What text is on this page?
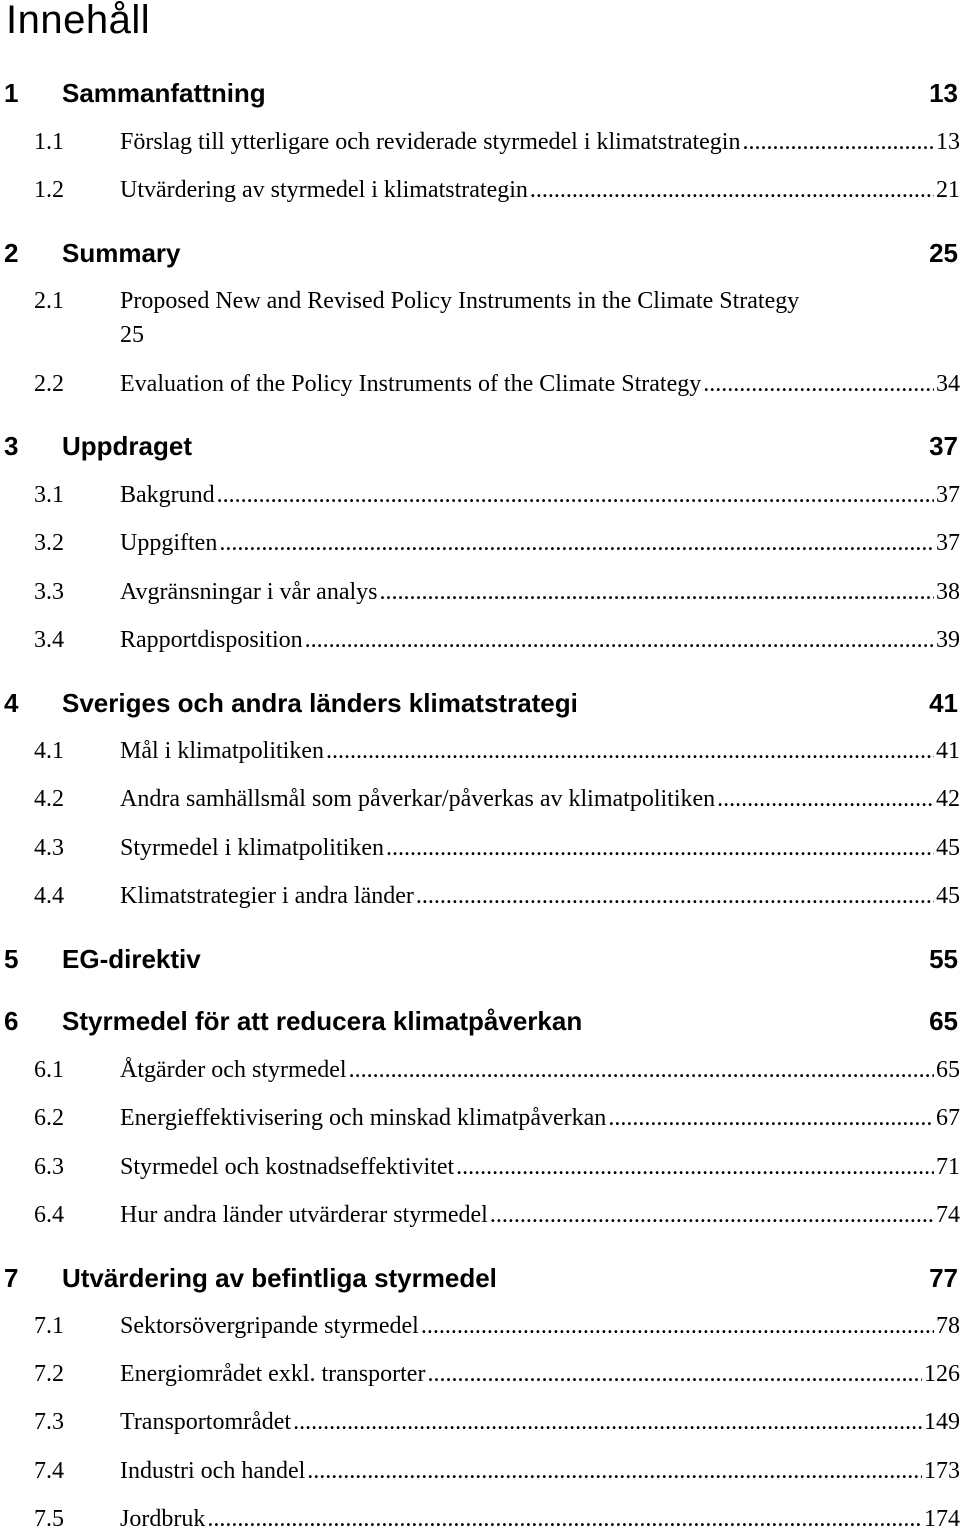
Innehåll
1	Sammanfattning	13
1.1	Förslag till ytterligare och reviderade styrmedel i klimatstrategin .....	13
1.2	Utvärdering av styrmedel i klimatstrategin .....	21
2	Summary	25
2.1	Proposed New and Revised Policy Instruments in the Climate Strategy
25
2.2	Evaluation of the Policy Instruments of the Climate Strategy .....	34
3	Uppdraget	37
3.1	Bakgrund .....	37
3.2	Uppgiften .....	37
3.3	Avgränsningar i vår analys .....	38
3.4	Rapportdisposition .....	39
4	Sveriges och andra länders klimatstrategi	41
4.1	Mål i klimatpolitiken .....	41
4.2	Andra samhällsmål som påverkar/påverkas av klimatpolitiken .....	42
4.3	Styrmedel i klimatpolitiken .....	45
4.4	Klimatstrategier i andra länder .....	45
5	EG-direktiv	55
6	Styrmedel för att reducera klimatpåverkan	65
6.1	Åtgärder och styrmedel .....	65
6.2	Energieffektivisering och minskad klimatpåverkan .....	67
6.3	Styrmedel och kostnadseffektivitet .....	71
6.4	Hur andra länder utvärderar styrmedel .....	74
7	Utvärdering av befintliga styrmedel	77
7.1	Sektorsövergripande styrmedel .....	78
7.2	Energiområdet exkl. transporter .....	126
7.3	Transportområdet .....	149
7.4	Industri och handel .....	173
7.5	Jordbruk .....	174
